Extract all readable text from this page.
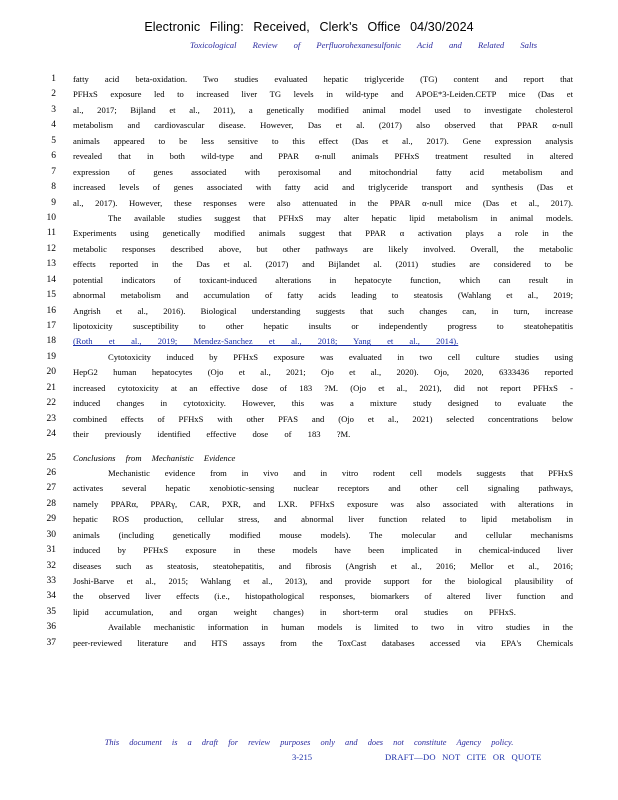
Electronic Filing: Received, Clerk's Office 04/30/2024
Toxicological Review of Perfluorohexanesulfonic Acid and Related Salts
1 fatty acid beta-oxidation. Two studies evaluated hepatic triglyceride (TG) content and report that
2 PFHxS exposure led to increased liver TG levels in wild-type and APOE*3-Leiden.CETP mice (Das et
3 al., 2017; Bijland et al., 2011), a genetically modified animal model used to investigate cholesterol
4 metabolism and cardiovascular disease. However, Das et al. (2017) also observed that PPAR α-null
5 animals appeared to be less sensitive to this effect (Das et al., 2017). Gene expression analysis
6 revealed that in both wild-type and PPAR α-null animals PFHxS treatment resulted in altered
7 expression of genes associated with peroxisomal and mitochondrial fatty acid metabolism and
8 increased levels of genes associated with fatty acid and triglyceride transport and synthesis (Das et
9 al., 2017). However, these responses were also attenuated in the PPAR α-null mice (Das et al., 2017).
10	The available studies suggest that PFHxS may alter hepatic lipid metabolism in animal models.
11 Experiments using genetically modified animals suggest that PPAR α activation plays a role in the
12 metabolic responses described above, but other pathways are likely involved. Overall, the metabolic
13 effects reported in the Das et al. (2017) and Bijlandet al. (2011) studies are considered to be
14 potential indicators of toxicant-induced alterations in hepatocyte function, which can result in
15 abnormal metabolism and accumulation of fatty acids leading to steatosis (Wahlang et al., 2019;
16 Angrish et al., 2016). Biological understanding suggests that such changes can, in turn, increase
17 lipotoxicity susceptibility to other hepatic insults or independently progress to steatohepatitis
18 (Roth et al., 2019; Mendez-Sanchez et al., 2018; Yang et al., 2014).
19	Cytotoxicity induced by PFHxS exposure was evaluated in two cell culture studies using
20 HepG2 human hepatocytes (Ojo et al., 2021; Ojo et al., 2020). Ojo, 2020, 6333436 reported
21 increased cytotoxicity at an effective dose of 183 ?M. (Ojo et al., 2021), did not report PFHxS -
22 induced changes in cytotoxicity. However, this was a mixture study designed to evaluate the
23 combined effects of PFHxS with other PFAS and (Ojo et al., 2021) selected concentrations below
24 their previously identified effective dose of 183 ?M.
25 Conclusions from Mechanistic Evidence
26	Mechanistic evidence from in vivo and in vitro rodent cell models suggests that PFHxS
27 activates several hepatic xenobiotic-sensing nuclear receptors and other cell signaling pathways,
28 namely PPARα, PPARγ, CAR, PXR, and LXR. PFHxS exposure was also associated with alterations in
29 hepatic ROS production, cellular stress, and abnormal liver function related to lipid metabolism in
30 animals (including genetically modified mouse models). The molecular and cellular mechanisms
31 induced by PFHxS exposure in these models have been implicated in chemical-induced liver
32 diseases such as steatosis, steatohepatitis, and fibrosis (Angrish et al., 2016; Mellor et al., 2016;
33 Joshi-Barve et al., 2015; Wahlang et al., 2013), and provide support for the biological plausibility of
34 the observed liver effects (i.e., histopathological responses, biomarkers of altered liver function and
35 lipid accumulation, and organ weight changes) in short-term oral studies on PFHxS.
36	Available mechanistic information in human models is limited to two in vitro studies in the
37 peer-reviewed literature and HTS assays from the ToxCast databases accessed via EPA's Chemicals
This document is a draft for review purposes only and does not constitute Agency policy.
3-215	DRAFT—DO NOT CITE OR QUOTE
